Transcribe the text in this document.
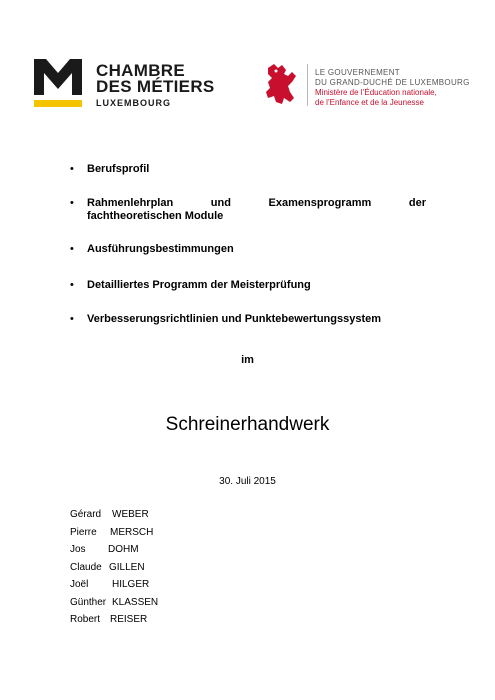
CHAMBRE
DES MÉTIERS
LUXEMBOURG
LE GOUVERNEMENT
DU GRAND-DUCHÉ DE LUXEMBOURG
Ministère de l’Éducation nationale,
de l’Enfance et de la Jeunesse
• Berufsprofil
• Rahmenlehrplan	und	Examensprogramm	der
fachtheoretischen Module
• Ausführungsbestimmungen
• Detailliertes Programm der Meisterprüfung
• Verbesserungsrichtlinien und Punktebewertungssystem
im
Schreinerhandwerk
30. Juli 2015
Gérard WEBER
Pierre MERSCH
Jos DOHM
Claude GILLEN
Joël HILGER
Günther KLASSEN
Robert REISER
